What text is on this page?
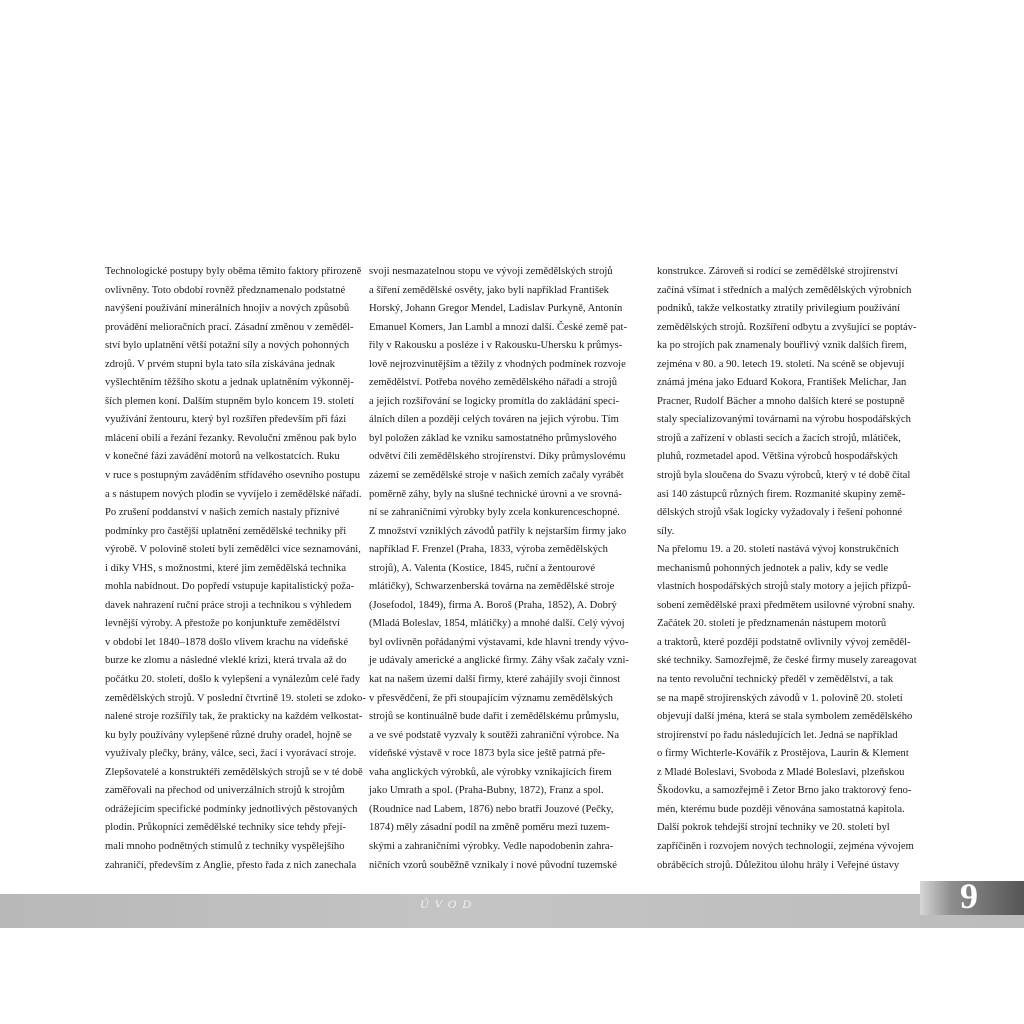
Technologické postupy byly oběma těmito faktory přirozeně
ovlivněny. Toto období rovněž předznamenalo podstatné
navýšení používání minerálních hnojiv a nových způsobů
provádění melioračních prací. Zásadní změnou v zeměděl-
ství bylo uplatnění větší potažní síly a nových pohonných
zdrojů. V prvém stupni byla tato síla získávána jednak
vyšlechtěním těžšího skotu a jednak uplatněním výkonněj-
ších plemen koní. Dalším stupněm bylo koncem 19. století
využívání žentouru, který byl rozšířen především při fázi
mlácení obilí a řezání řezanky. Revoluční změnou pak bylo
v konečné fázi zavádění motorů na velkostatcích. Ruku
v ruce s postupným zaváděním střídavého osevního postupu
a s nástupem nových plodin se vyvíjelo i zemědělské nářadí.
Po zrušení poddanství v našich zemích nastaly příznivé
podmínky pro častější uplatnění zemědělské techniky při
výrobě. V polovině století byli zemědělci více seznamováni,
i díky VHS, s možnostmi, které jim zemědělská technika
mohla nabídnout. Do popředí vstupuje kapitalistický poža-
davek nahrazení ruční práce stroji a technikou s výhledem
levnější výroby. A přestože po konjunktuře zemědělství
v období let 1840–1878 došlo vlivem krachu na vídeňské
burze ke zlomu a následné vleklé krizi, která trvala až do
počátku 20. století, došlo k vylepšení a vynálezům celé řady
zemědělských strojů. V poslední čtvrtině 19. století se zdoko-
nalené stroje rozšířily tak, že prakticky na každém velkostat-
ku byly používány vylepšené různé druhy oradel, hojně se
využívaly plečky, brány, válce, seci, žací i vyorávací stroje.
Zlepšovatelé a konstruktéři zemědělských strojů se v té době
zaměřovali na přechod od univerzálních strojů k strojům
odrážejícím specifické podmínky jednotlivých pěstovaných
plodin. Průkopníci zemědělské techniky sice tehdy přejí-
mali mnoho podnětných stimulů z techniky vyspělejšího
zahraničí, především z Anglie, přesto řada z nich zanechala
svoji nesmazatelnou stopu ve vývoji zemědělských strojů
a šíření zemědělské osvěty, jako byli například František
Horský, Johann Gregor Mendel, Ladislav Purkyně, Antonín
Emanuel Komers, Jan Lambl a mnozí další. České země pat-
řily v Rakousku a posléze i v Rakousku-Uhersku k průmys-
lově nejrozvinutějším a těžily z vhodných podmínek rozvoje
zemědělství. Potřeba nového zemědělského nářadí a strojů
a jejich rozšiřování se logicky promítla do zakládání speci-
álních dílen a později celých továren na jejich výrobu. Tím
byl položen základ ke vzniku samostatného průmyslového
odvětví čili zemědělského strojírenství. Díky průmyslovému
zázemí se zemědělské stroje v našich zemích začaly vyrábět
poměrně záhy, byly na slušné technické úrovni a ve srovná-
ní se zahraničními výrobky byly zcela konkurenceschopné.
Z množství vzniklých závodů patřily k nejstarším firmy jako
například F. Frenzel (Praha, 1833, výroba zemědělských
strojů), A. Valenta (Kostice, 1845, ruční a žentourové
mlátičky), Schwarzenberská továrna na zemědělské stroje
(Josefodol, 1849), firma A. Boroš (Praha, 1852), A. Dobrý
(Mladá Boleslav, 1854, mlátičky) a mnohé další. Celý vývoj
byl ovlivněn pořádanými výstavami, kde hlavní trendy vývo-
je udávaly americké a anglické firmy. Záhy však začaly vzni-
kat na našem území další firmy, které zahájily svoji činnost
v přesvědčení, že při stoupajícím významu zemědělských
strojů se kontinuálně bude dařit i zemědělskému průmyslu,
a ve své podstatě vyzvaly k soutěži zahraniční výrobce. Na
vídeňské výstavě v roce 1873 byla sice ještě patrná pře-
vaha anglických výrobků, ale výrobky vznikajících firem
jako Umrath a spol. (Praha-Bubny, 1872), Franz a spol.
(Roudnice nad Labem, 1876) nebo bratři Jouzové (Pečky,
1874) měly zásadní podíl na změně poměru mezi tuzem-
skými a zahraničními výrobky. Vedle napodobenin zahra-
ničních vzorů souběžně vznikaly i nové původní tuzemské
konstrukce. Zároveň si rodící se zemědělské strojírenství
začíná všímat i středních a malých zemědělských výrobních
podniků, takže velkostatky ztratily privilegium používání
zemědělských strojů. Rozšíření odbytu a zvyšující se poptáv-
ka po strojích pak znamenaly bouřlivý vznik dalších firem,
zejména v 80. a 90. letech 19. století. Na scéně se objevují
známá jména jako Eduard Kokora, František Melichar, Jan
Pracner, Rudolf Bächer a mnoho dalších které se postupně
staly specializovanými továrnami na výrobu hospodářských
strojů a zařízení v oblasti secích a žacích strojů, mlátiček,
pluhů, rozmetadel apod. Většina výrobců hospodářských
strojů byla sloučena do Svazu výrobců, který v té době čítal
asi 140 zástupců různých firem. Rozmanité skupiny země-
dělských strojů však logicky vyžadovaly i řešení pohonné
síly.
Na přelomu 19. a 20. století nastává vývoj konstrukčních
mechanismů pohonných jednotek a paliv, kdy se vedle
vlastních hospodářských strojů staly motory a jejich přizpů-
sobení zemědělské praxi předmětem usilovné výrobní snahy.
Začátek 20. století je předznamenán nástupem motorů
a traktorů, které později podstatně ovlivnily vývoj zeměděl-
ské techniky. Samozřejmě, že české firmy musely zareagovat
na tento revoluční technický předěl v zemědělství, a tak
se na mapě strojírenských závodů v 1. polovině 20. století
objevují další jména, která se stala symbolem zemědělského
strojírenství po řadu následujících let. Jedná se například
o firmy Wichterle-Kovářík z Prostějova, Laurin & Klement
z Mladé Boleslavi, Svoboda z Mladé Boleslavi, plzeňskou
Škodovku, a samozřejmě i Zetor Brno jako traktorový feno-
mén, kterému bude později věnována samostatná kapitola.
Další pokrok tehdejší strojní techniky ve 20. století byl
zapříčiněn i rozvojem nových technologií, zejména vývojem
obráběcích strojů. Důležitou úlohu hrály i Veřejné ústavy
ÚVOD	9
